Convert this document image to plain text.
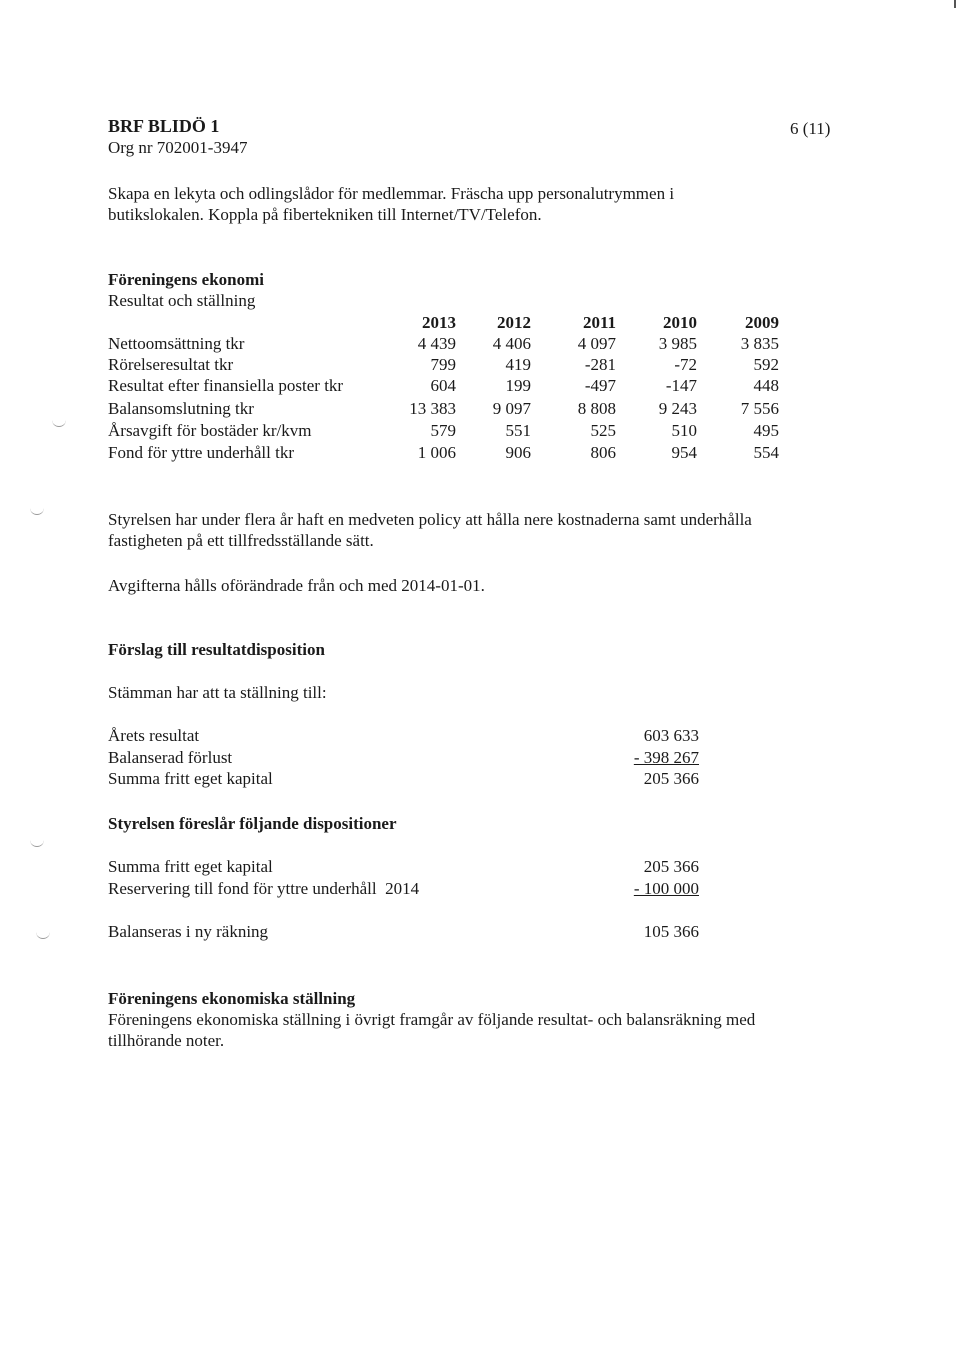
BRF BLIDÖ 1
Org nr 702001-3947
6 (11)
Skapa en lekyta och odlingslådor för medlemmar. Fräscha upp personalutrymmen i
butikslokalen. Koppla på fibertekniken till Internet/TV/Telefon.
Föreningens ekonomi
Resultat och ställning
2013	2012	2011	2010	2009
Nettoomsättning tkr	4 439	4 406	4 097	3 985	3 835
Rörelseresultat tkr	799	419	-281	-72	592
Resultat efter finansiella poster tkr	604	199	-497	-147	448
Balansomslutning tkr	13 383	9 097	8 808	9 243	7 556
Årsavgift för bostäder kr/kvm	579	551	525	510	495
Fond för yttre underhåll tkr	1 006	906	806	954	554
Styrelsen har under flera år haft en medveten policy att hålla nere kostnaderna samt underhålla
fastigheten på ett tillfredsställande sätt.
Avgifterna hålls oförändrade från och med 2014-01-01.
Förslag till resultatdisposition
Stämman har att ta ställning till:
Årets resultat	603 633
Balanserad förlust	- 398 267
Summa fritt eget kapital	205 366
Styrelsen föreslår följande dispositioner
Summa fritt eget kapital	205 366
Reservering till fond för yttre underhåll  2014	- 100 000
Balanseras i ny räkning	105 366
Föreningens ekonomiska ställning
Föreningens ekonomiska ställning i övrigt framgår av följande resultat- och balansräkning med
tillhörande noter.
